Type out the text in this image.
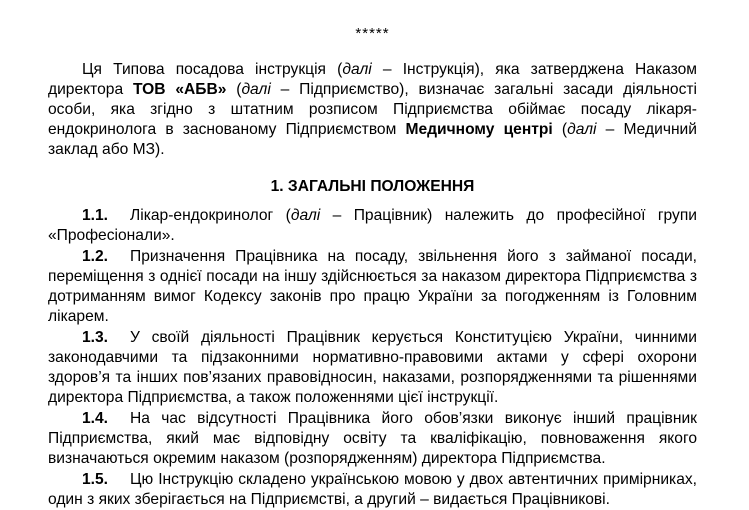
*****

Ця Типова посадова інструкція (далі – Інструкція), яка затверджена Наказом директора ТОВ «АБВ» (далі – Підприємство), визначає загальні засади діяльності особи, яка згідно з штатним розписом Підприємства обіймає посаду лікаря-ендокринолога в заснованому Підприємством Медичному центрі (далі – Медичний заклад або МЗ).

1. ЗАГАЛЬНІ ПОЛОЖЕННЯ

1.1. Лікар-ендокринолог (далі – Працівник) належить до професійної групи «Професіонали».

1.2. Призначення Працівника на посаду, звільнення його з займаної посади, переміщення з однієї посади на іншу здійснюється за наказом директора Підприємства з дотриманням вимог Кодексу законів про працю України за погодженням із Головним лікарем.

1.3. У своїй діяльності Працівник керується Конституцією України, чинними законодавчими та підзаконними нормативно-правовими актами у сфері охорони здоров’я та інших пов’язаних правовідносин, наказами, розпорядженнями та рішеннями директора Підприємства, а також положеннями цієї інструкції.

1.4. На час відсутності Працівника його обов’язки виконує інший працівник Підприємства, який має відповідну освіту та кваліфікацію, повноваження якого визначаються окремим наказом (розпорядженням) директора Підприємства.

1.5. Цю Інструкцію складено українською мовою у двох автентичних примірниках, один з яких зберігається на Підприємстві, а другий – видається Працівникові.
